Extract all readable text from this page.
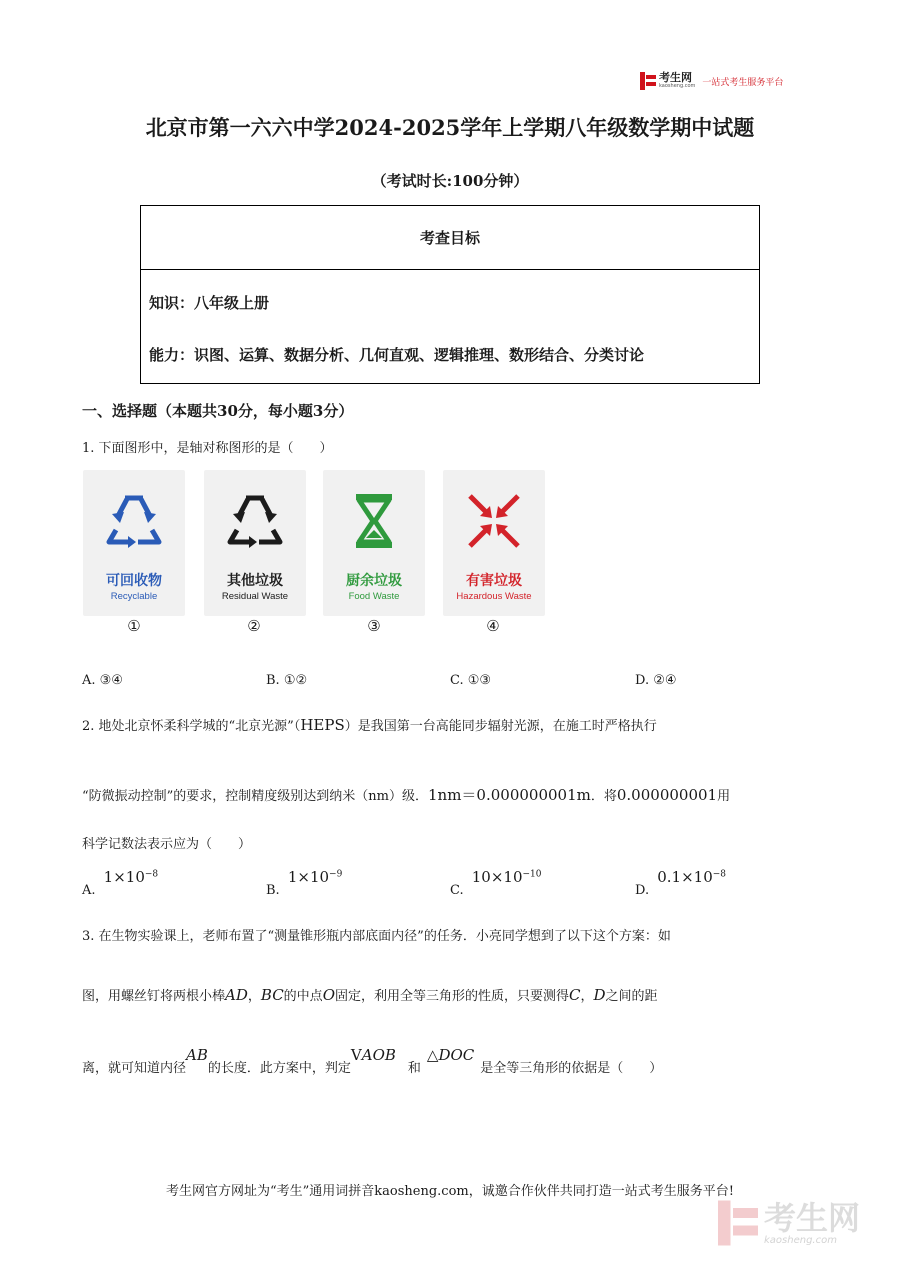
考生网
kaosheng.com 一站式考生服务平台
北京市第一六六中学2024-2025学年上学期八年级数学期中试题
（考试时长:100分钟）
考查目标
知识：八年级上册
能力：识图、运算、数据分析、几何直观、逻辑推理、数形结合、分类讨论
一、选择题（本题共30分，每小题3分）
1. 下面图形中，是轴对称图形的是（　　）
可回收物
Recyclable
其他垃圾
Residual Waste
厨余垃圾
Food Waste
有害垃圾
Hazardous Waste
①	②	③	④
A. ③④	B. ①②	C. ①③	D. ②④
2. 地处北京怀柔科学城的“北京光源”（HEPS）是我国第一台高能同步辐射光源，在施工时严格执行
“防微振动控制”的要求，控制精度级别达到纳米（nm）级．1nm＝0.000000001m．将0.000000001用
科学记数法表示应为（　　）
A. $1\times 10^{-8}$
B. $1\times 10^{-9}$
C. $10\times 10^{-10}$
D. $0.1\times 10^{-8}$
3. 在生物实验课上，老师布置了“测量锥形瓶内部底面内径”的任务．小亮同学想到了以下这个方案：如
图，用螺丝钉将两根小棒AD，BC的中点O固定，利用全等三角形的性质，只要测得C，D之间的距
离，就可知道内径AB的长度．此方案中，判定VAOB和△DOC是全等三角形的依据是（　　）
考生网官方网址为“考生”通用词拼音kaosheng.com，诚邀合作伙伴共同打造一站式考生服务平台!
考生网
kaosheng.com
